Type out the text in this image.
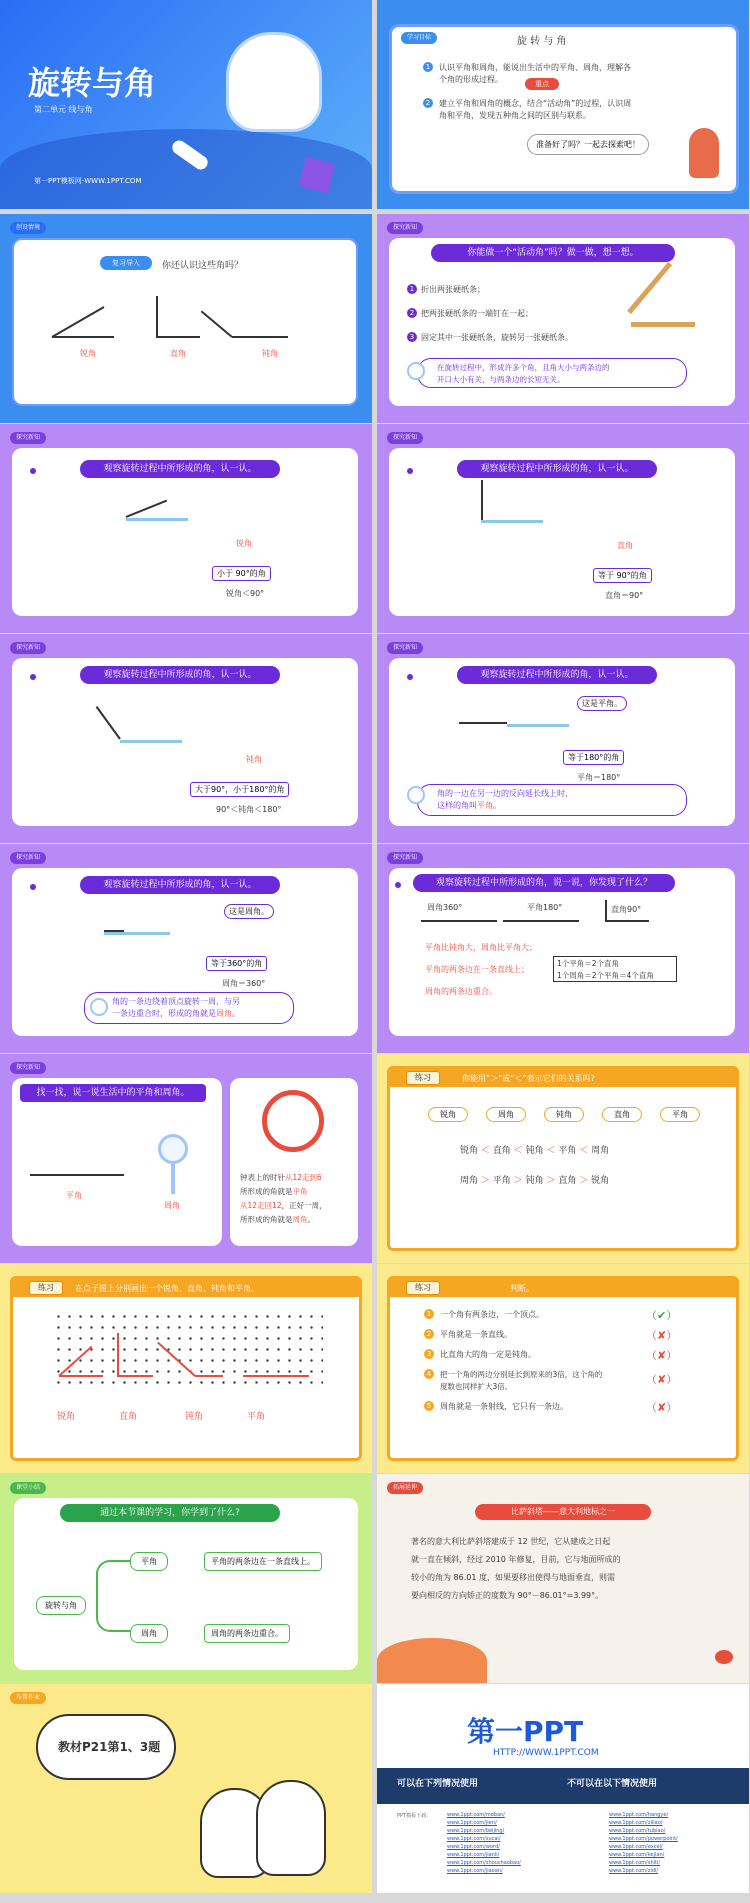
旋转与角
第二单元 线与角
第一PPT模板网-WWW.1PPT.COM
学习目标	旋 转 与 角
1	认识平角和周角，能说出生活中的平角、周角，理解各
个角的形成过程。	重点
2	建立平角和周角的概念，结合“活动角”的过程，认识周
角和平角，发现五种角之间的区别与联系。
准备好了吗？一起去探索吧！
创设情境
复习导入	你还认识这些角吗？
锐角	直角	钝角
探究新知
你能做一个“活动角”吗？做一做，想一想。
1 折出两张硬纸条；
2 把两张硬纸条的一端钉在一起；
3 固定其中一张硬纸条，旋转另一张硬纸条。
在旋转过程中，形成许多个角，且角大小与两条边的
开口大小有关，与两条边的长短无关。
探究新知
观察旋转过程中所形成的角，认一认。
锐角
小于 90°的角
锐角＜90°
探究新知
观察旋转过程中所形成的角，认一认。
直角
等于 90°的角
直角＝90°
探究新知
观察旋转过程中所形成的角，认一认。
钝角
大于90°，小于180°的角
90°＜钝角＜180°
探究新知
观察旋转过程中所形成的角，认一认。
这是平角。
等于180°的角
平角＝180°
角的一边在另一边的反向延长线上时，
这样的角叫平角。
探究新知
观察旋转过程中所形成的角，认一认。
这是周角。
等于360°的角
周角＝360°
角的一条边绕着顶点旋转一周，与另
一条边重合时，形成的角就是周角。
探究新知
观察旋转过程中所形成的角，说一说，你发现了什么？
周角360°	平角180°	直角90°
平角比钝角大，周角比平角大；
平角的两条边在一条直线上；
周角的两条边重合。
1个平角＝2个直角
1个周角＝2个平角＝4个直角
探究新知
找一找，说一说生活中的平角和周角。
平角
周角
钟表上的时针从12走到6
所形成的角就是平角
从12走回12，正好一周，
所形成的角就是周角。
练习	你能用“＞”或“＜”表示它们的关系吗?
锐角	周角	钝角	直角	平角
锐角 ＜ 直角 ＜ 钝角 ＜ 平角 ＜ 周角
周角 ＞ 平角 ＞ 钝角 ＞ 直角 ＞ 锐角
练习	在点子图上分别画出一个锐角、直角、钝角和平角。
锐角	直角	钝角	平角
练习	判断。
1	一个角有两条边，一个顶点。	（✔）
2	平角就是一条直线。	（✘）
3	比直角大的角一定是钝角。	（✘）
4	把一个角的两边分别延长到原来的3倍，这个角的
度数也同样扩大3倍。
（✘）
5	周角就是一条射线，它只有一条边。	（✘）
课堂小结
通过本节课的学习，你学到了什么?
旋转与角
平角
周角
平角的两条边在一条直线上。
周角的两条边重合。
拓展延伸
比萨斜塔——意大利地标之一
著名的意大利比萨斜塔建成于 12 世纪，它从建成之日起
就一直在倾斜，经过 2010 年修复，目前，它与地面所成的
较小的角为 86.01 度，如果要移出使得与地面垂直，则需
要向相反的方向矫正的度数为 90°－86.01°=3.99°。
布置作业
教材P21第1、3题	第一PPT
HTTP://WWW.1PPT.COM
可以在下列情况使用	不可以在以下情况使用
PPT模板下载：	www.1ppt.com/moban/
www.1ppt.com/jieri/
www.1ppt.com/beijing/
www.1ppt.com/sucai/
www.1ppt.com/word/
www.1ppt.com/jianli/
www.1ppt.com/shouchaobao/
www.1ppt.com/jiaoan/
www.1ppt.com/hangye/
www.1ppt.com/ziliao/
www.1ppt.com/tubiao/
www.1ppt.com/powerpoint/
www.1ppt.com/excel/
www.1ppt.com/kejian/
www.1ppt.com/shiti/
www.1ppt.com/zidi/
